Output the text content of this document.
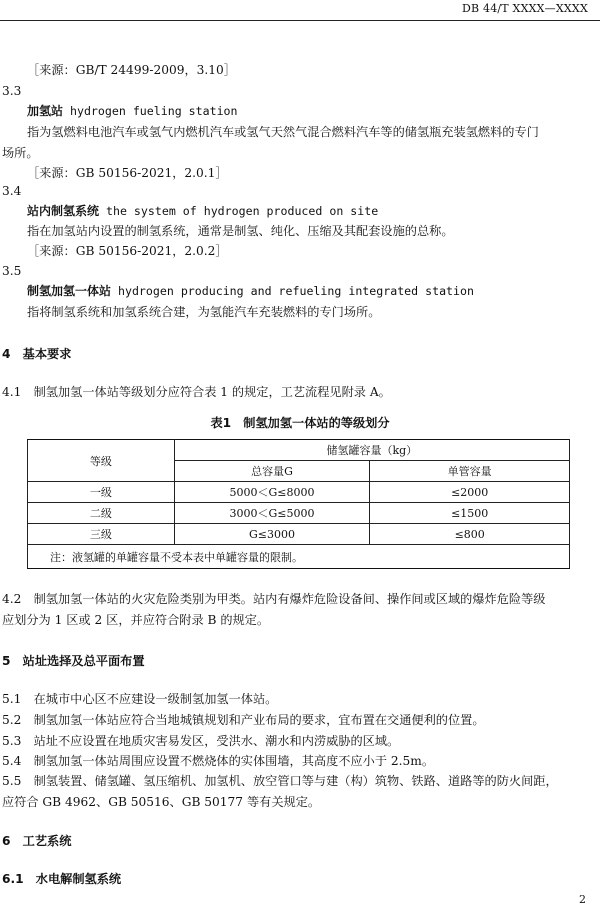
DB 44/T XXXX—XXXX
［来源：GB/T 24499-2009，3.10］
3.3
加氢站 hydrogen fueling station
指为氢燃料电池汽车或氢气内燃机汽车或氢气天然气混合燃料汽车等的储氢瓶充装氢燃料的专门
场所。
［来源：GB 50156-2021，2.0.1］
3.4
站内制氢系统 the system of hydrogen produced on site
指在加氢站内设置的制氢系统，通常是制氢、纯化、压缩及其配套设施的总称。
［来源：GB 50156-2021，2.0.2］
3.5
制氢加氢一体站 hydrogen producing and refueling integrated station
指将制氢系统和加氢系统合建，为氢能汽车充装燃料的专门场所。
4　基本要求
4.1　制氢加氢一体站等级划分应符合表 1 的规定，工艺流程见附录 A。
表1　制氢加氢一体站的等级划分
等级	储氢罐容量（kg）	
	总容量G	单管容量
一级	5000＜G≤8000	≤2000
二级	3000＜G≤5000	≤1500
三级	G≤3000	≤800
注：液氢罐的单罐容量不受本表中单罐容量的限制。		
4.2　制氢加氢一体站的火灾危险类别为甲类。站内有爆炸危险设备间、操作间或区域的爆炸危险等级
应划分为 1 区或 2 区，并应符合附录 B 的规定。
5　站址选择及总平面布置
5.1　在城市中心区不应建设一级制氢加氢一体站。
5.2　制氢加氢一体站应符合当地城镇规划和产业布局的要求，宜布置在交通便利的位置。
5.3　站址不应设置在地质灾害易发区，受洪水、潮水和内涝威胁的区域。
5.4　制氢加氢一体站周围应设置不燃烧体的实体围墙，其高度不应小于 2.5m。
5.5　制氢装置、储氢罐、氢压缩机、加氢机、放空管口等与建（构）筑物、铁路、道路等的防火间距，
应符合 GB 4962、GB 50516、GB 50177 等有关规定。
6　工艺系统
6.1　水电解制氢系统
2
